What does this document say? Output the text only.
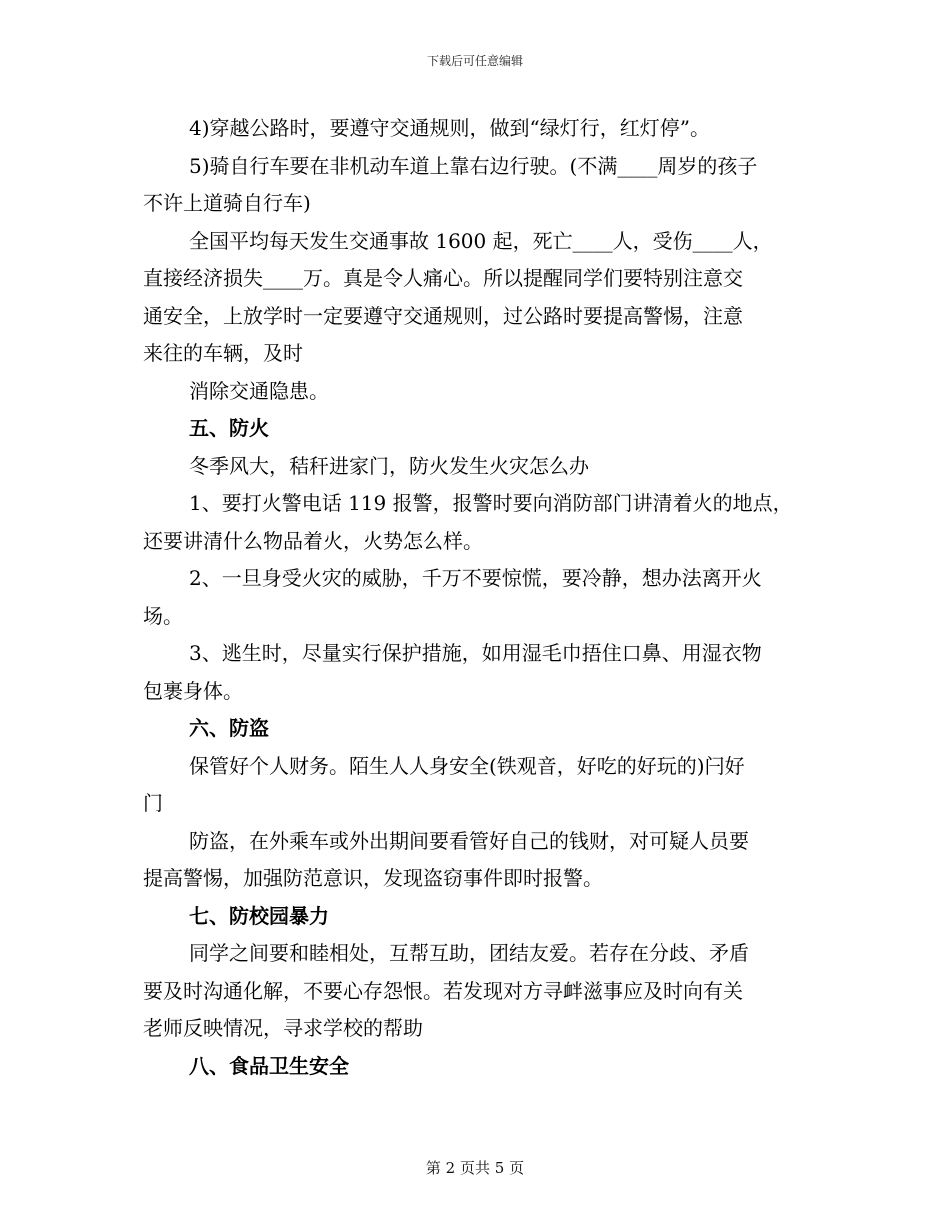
下载后可任意编辑

4)穿越公路时，要遵守交通规则，做到“绿灯行，红灯停”。

5)骑自行车要在非机动车道上靠右边行驶。(不满____周岁的孩子

不许上道骑自行车)

全国平均每天发生交通事故 1600 起，死亡____人，受伤____人，

直接经济损失____万。真是令人痛心。所以提醒同学们要特别注意交

通安全，上放学时一定要遵守交通规则，过公路时要提高警惕，注意

来往的车辆，及时

消除交通隐患。

五、防火

冬季风大，秸秆进家门，防火发生火灾怎么办

1、要打火警电话 119 报警，报警时要向消防部门讲清着火的地点，

还要讲清什么物品着火，火势怎么样。

2、一旦身受火灾的威胁，千万不要惊慌，要冷静，想办法离开火

场。

3、逃生时，尽量实行保护措施，如用湿毛巾捂住口鼻、用湿衣物

包裹身体。

六、防盗

保管好个人财务。陌生人人身安全(铁观音，好吃的好玩的)闩好

门

防盗，在外乘车或外出期间要看管好自己的钱财，对可疑人员要

提高警惕，加强防范意识，发现盗窃事件即时报警。

七、防校园暴力

同学之间要和睦相处，互帮互助，团结友爱。若存在分歧、矛盾

要及时沟通化解，不要心存怨恨。若发现对方寻衅滋事应及时向有关

老师反映情况，寻求学校的帮助

八、食品卫生安全

第 2 页共 5 页
